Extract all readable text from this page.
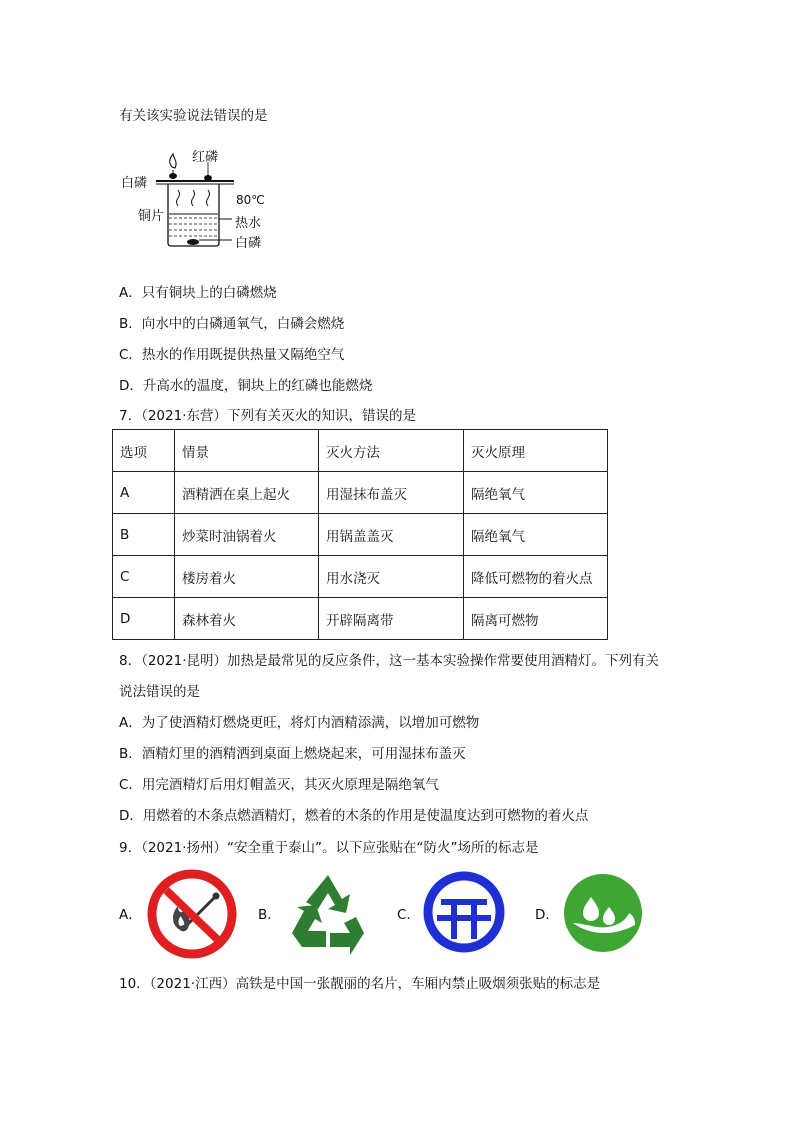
有关该实验说法错误的是
红磷
白磷
铜片
80℃
热水
白磷
A．只有铜块上的白磷燃烧
B．向水中的白磷通氧气，白磷会燃烧
C．热水的作用既提供热量又隔绝空气
D．升高水的温度，铜块上的红磷也能燃烧
7．（2021·东营）下列有关灭火的知识，错误的是
选项	情景	灭火方法	灭火原理
A	酒精洒在桌上起火	用湿抹布盖灭	隔绝氧气
B	炒菜时油锅着火	用锅盖盖灭	隔绝氧气
C	楼房着火	用水浇灭	降低可燃物的着火点
D	森林着火	开辟隔离带	隔离可燃物
8．（2021·昆明）加热是最常见的反应条件，这一基本实验操作常要使用酒精灯。下列有关
说法错误的是
A．为了使酒精灯燃烧更旺，将灯内酒精添满，以增加可燃物
B．酒精灯里的酒精洒到桌面上燃烧起来，可用湿抹布盖灭
C．用完酒精灯后用灯帽盖灭，其灭火原理是隔绝氧气
D．用燃着的木条点燃酒精灯，燃着的木条的作用是使温度达到可燃物的着火点
9．（2021·扬州）“安全重于泰山”。以下应张贴在“防火”场所的标志是
A．	B．	C．	D．
10．（2021·江西）高铁是中国一张靓丽的名片，车厢内禁止吸烟须张贴的标志是
